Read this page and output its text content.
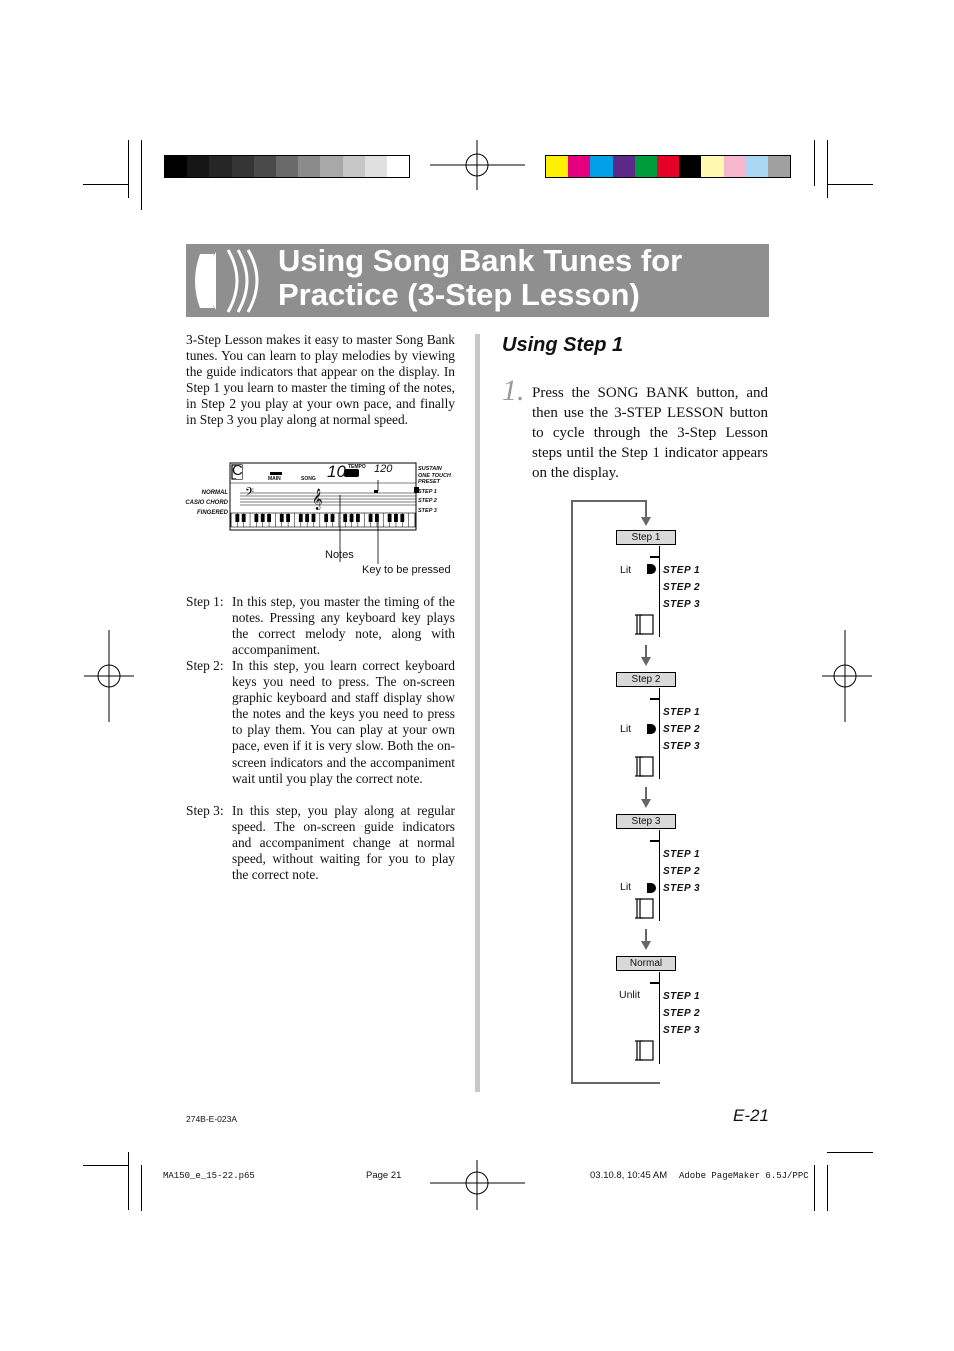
Using Song Bank Tunes for
Practice (3-Step Lesson)
3-Step Lesson makes it easy to master Song Bank tunes. You can learn to play melodies by viewing the guide indicators that appear on the display. In Step 1 you learn to master the timing of the notes, in Step 2 you play at your own pace, and finally in Step 3 you play along at normal speed.
𝄢	𝄞
NORMAL
CASIO CHORD
FINGERED
C	MAIN	SONG 10 TEMPO 120	SUSTAIN
ONE TOUCH
PRESET
STEP 1
STEP 2
STEP 3
Notes
Key to be pressed
Step 1: In this step, you master the timing of the notes. Pressing any keyboard key plays the correct melody note, along with accompaniment.
Step 2: In this step, you learn correct keyboard keys you need to press. The on-screen graphic keyboard and staff display show the notes and the keys you need to press to play them. You can play at your own pace, even if it is very slow. Both the on-screen indicators and the accompaniment wait until you play the correct note.
Step 3: In this step, you play along at regular speed. The on-screen guide indicators and accompaniment change at normal speed, without waiting for you to play the correct note.
Using Step 1
1. Press the SONG BANK button, and then use the 3-STEP LESSON button to cycle through the 3-Step Lesson steps until the Step 1 indicator appears on the display.
Step 1
Lit	STEP 1
STEP 2
STEP 3
Step 2
Lit
STEP 1
STEP 2
STEP 3
Step 3
Lit
STEP 1
STEP 2
STEP 3
Normal
Unlit STEP 1
STEP 2
STEP 3
274B-E-023A	E-21
MA150_e_15-22.p65	Page 21	03.10.8, 10:45 AM Adobe PageMaker 6.5J/PPC
